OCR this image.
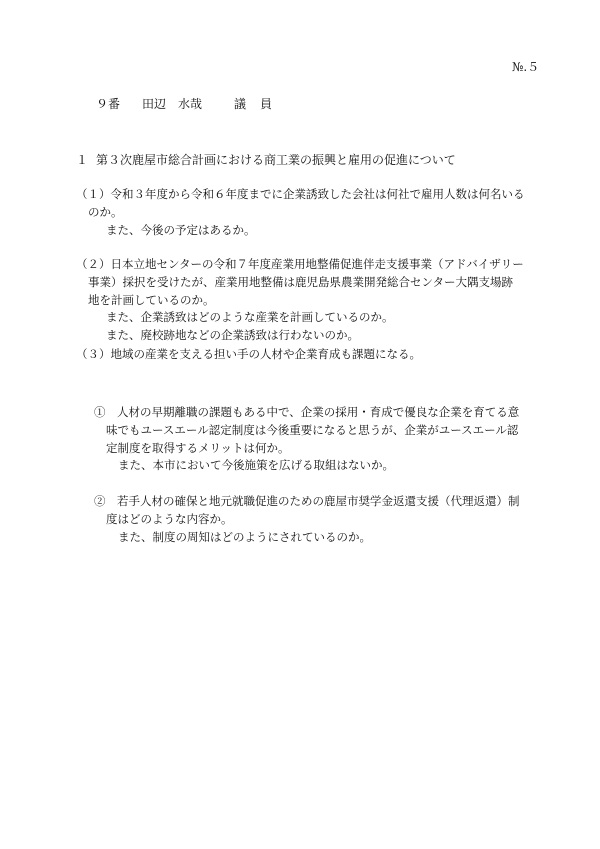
№.５
９番 田辺　水哉	議員
１ 第３次鹿屋市総合計画における商工業の振興と雇用の促進について
（１）令和３年度から令和６年度までに企業誘致した会社は何社で雇用人数は何名いる
のか。
また、今後の予定はあるか。
（２）日本立地センターの令和７年度産業用地整備促進伴走支援事業（アドバイザリー
事業）採択を受けたが、産業用地整備は鹿児島県農業開発総合センター大隅支場跡
地を計画しているのか。
また、企業誘致はどのような産業を計画しているのか。
また、廃校跡地などの企業誘致は行わないのか。
（３）地域の産業を支える担い手の人材や企業育成も課題になる。
①　人材の早期離職の課題もある中で、企業の採用・育成で優良な企業を育てる意
味でもユースエール認定制度は今後重要になると思うが、企業がユースエール認
定制度を取得するメリットは何か。
また、本市において今後施策を広げる取組はないか。
②　若手人材の確保と地元就職促進のための鹿屋市奨学金返還支援（代理返還）制
度はどのような内容か。
また、制度の周知はどのようにされているのか。
